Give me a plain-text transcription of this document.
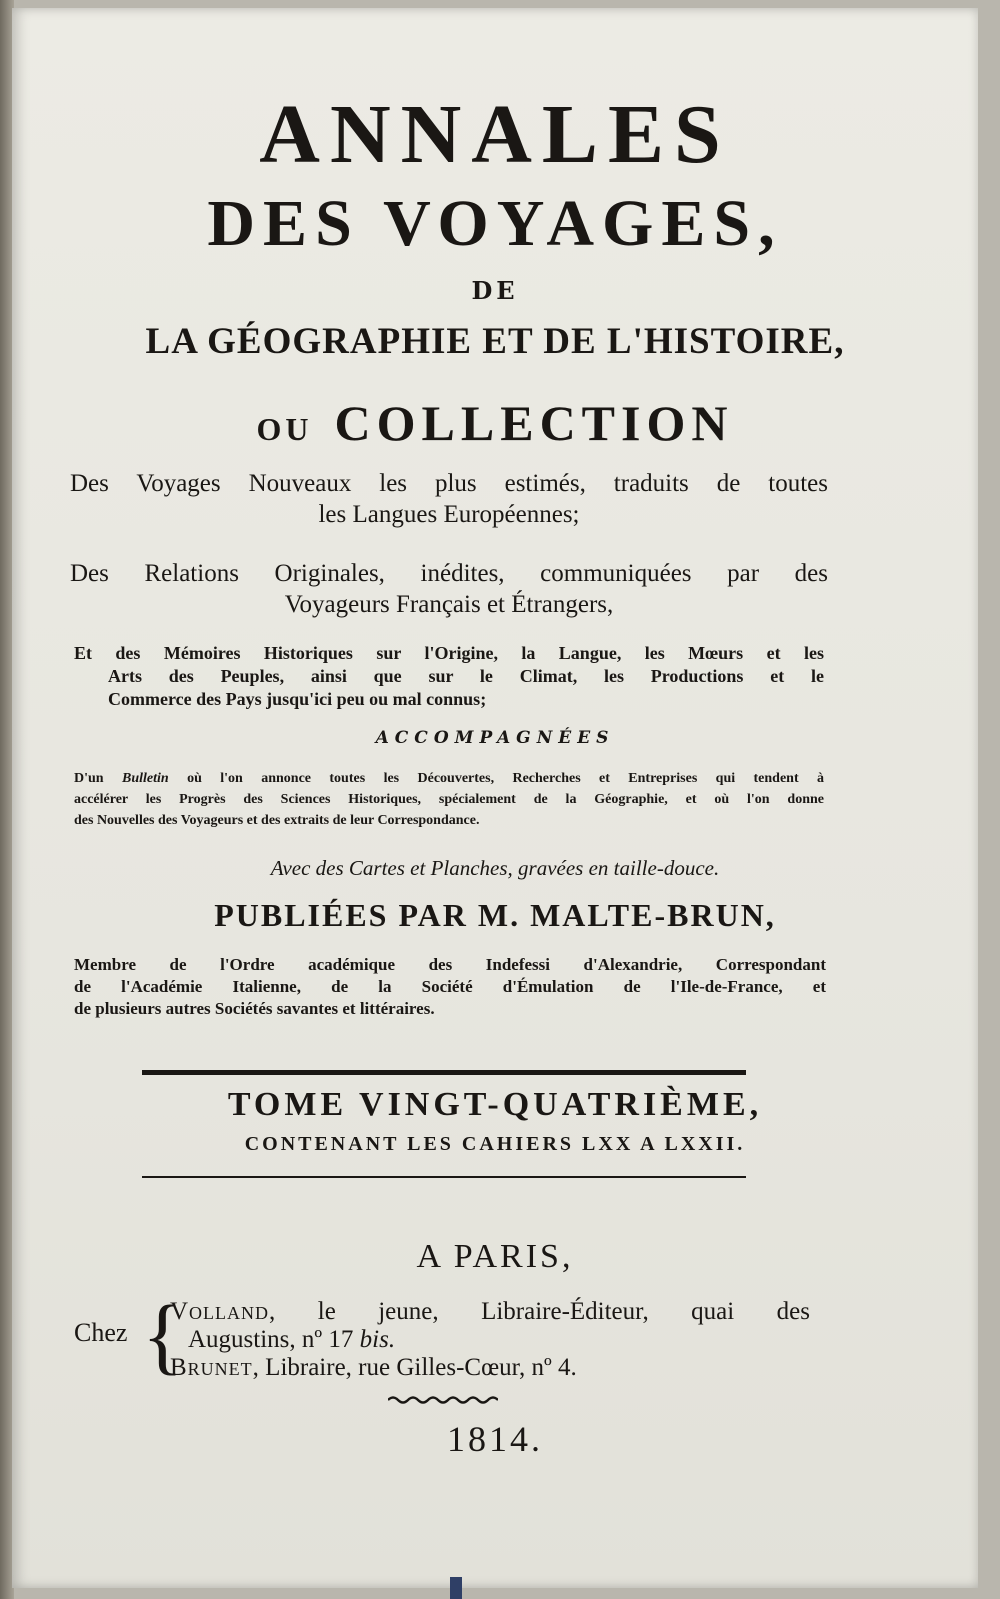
ANNALES
DES VOYAGES,
DE
LA GÉOGRAPHIE ET DE L'HISTOIRE,
OU COLLECTION
Des Voyages Nouveaux les plus estimés, traduits de toutes
les Langues Européennes;
Des Relations Originales, inédites, communiquées par des
Voyageurs Français et Étrangers,
Et des Mémoires Historiques sur l'Origine, la Langue, les Mœurs et les
Arts des Peuples, ainsi que sur le Climat, les Productions et le
Commerce des Pays jusqu'ici peu ou mal connus;
ACCOMPAGNÉES
D'un Bulletin où l'on annonce toutes les Découvertes, Recherches et Entreprises qui tendent à
accélérer les Progrès des Sciences Historiques, spécialement de la Géographie, et où l'on donne
des Nouvelles des Voyageurs et des extraits de leur Correspondance.
Avec des Cartes et Planches, gravées en taille-douce.
PUBLIÉES PAR M. MALTE-BRUN,
Membre de l'Ordre académique des Indefessi d'Alexandrie, Correspondant
de l'Académie Italienne, de la Société d'Émulation de l'Ile-de-France, et
de plusieurs autres Sociétés savantes et littéraires.
TOME VINGT-QUATRIÈME,
CONTENANT LES CAHIERS LXX A LXXII.
A PARIS,
Chez {
Volland, le jeune, Libraire-Éditeur, quai des
Augustins, nº 17 bis.
Brunet, Libraire, rue Gilles-Cœur, nº 4.
1814.
